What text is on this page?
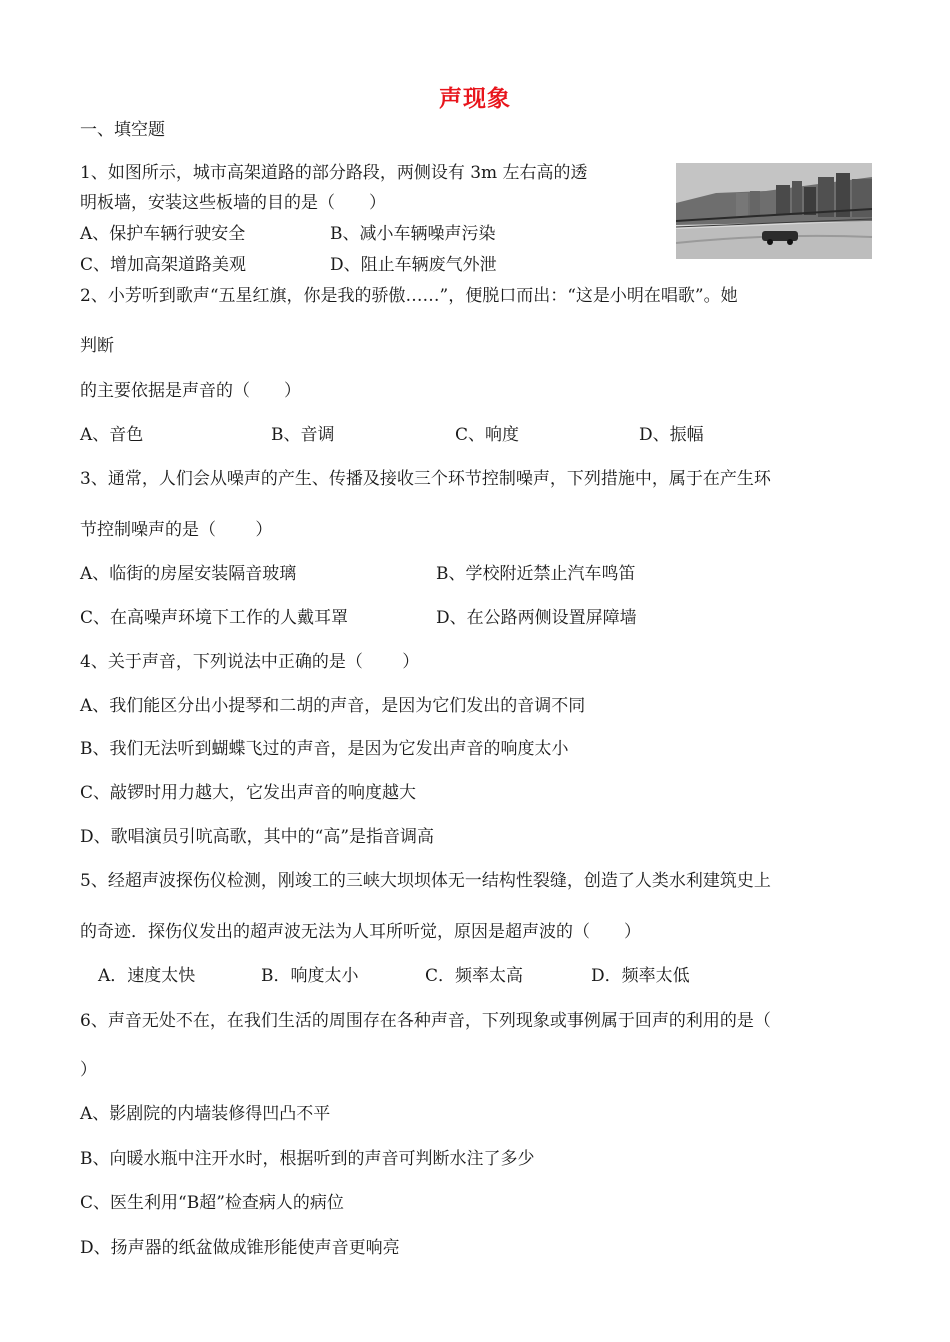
声现象
一、填空题
1、如图所示，城市高架道路的部分路段，两侧设有 3m 左右高的透
明板墙，安装这些板墙的目的是（　　）
A、保护车辆行驶安全	B、减小车辆噪声污染
C、增加高架道路美观	D、阻止车辆废气外泄
2、小芳听到歌声“五星红旗，你是我的骄傲……”，便脱口而出：“这是小明在唱歌”。她
判断
的主要依据是声音的（　　）
A、音色	B、音调	C、响度	D、振幅
3、通常，人们会从噪声的产生、传播及接收三个环节控制噪声，下列措施中，属于在产生环
节控制噪声的是（　　 ）
A、临街的房屋安装隔音玻璃	B、学校附近禁止汽车鸣笛
C、在高噪声环境下工作的人戴耳罩	D、在公路两侧设置屏障墙
4、关于声音，下列说法中正确的是（　　 ）
A、我们能区分出小提琴和二胡的声音，是因为它们发出的音调不同
B、我们无法听到蝴蝶飞过的声音，是因为它发出声音的响度太小
C、敲锣时用力越大，它发出声音的响度越大
D、歌唱演员引吭高歌，其中的“高”是指音调高
5、经超声波探伤仪检测，刚竣工的三峡大坝坝体无一结构性裂缝，创造了人类水利建筑史上
的奇迹．探伤仪发出的超声波无法为人耳所听觉，原因是超声波的（　　）
A．速度太快	B．响度太小	C．频率太高	D．频率太低
6、声音无处不在，在我们生活的周围存在各种声音，下列现象或事例属于回声的利用的是（
）
A、影剧院的内墙装修得凹凸不平
B、向暖水瓶中注开水时，根据听到的声音可判断水注了多少
C、医生利用“B超”检查病人的病位
D、扬声器的纸盆做成锥形能使声音更响亮
